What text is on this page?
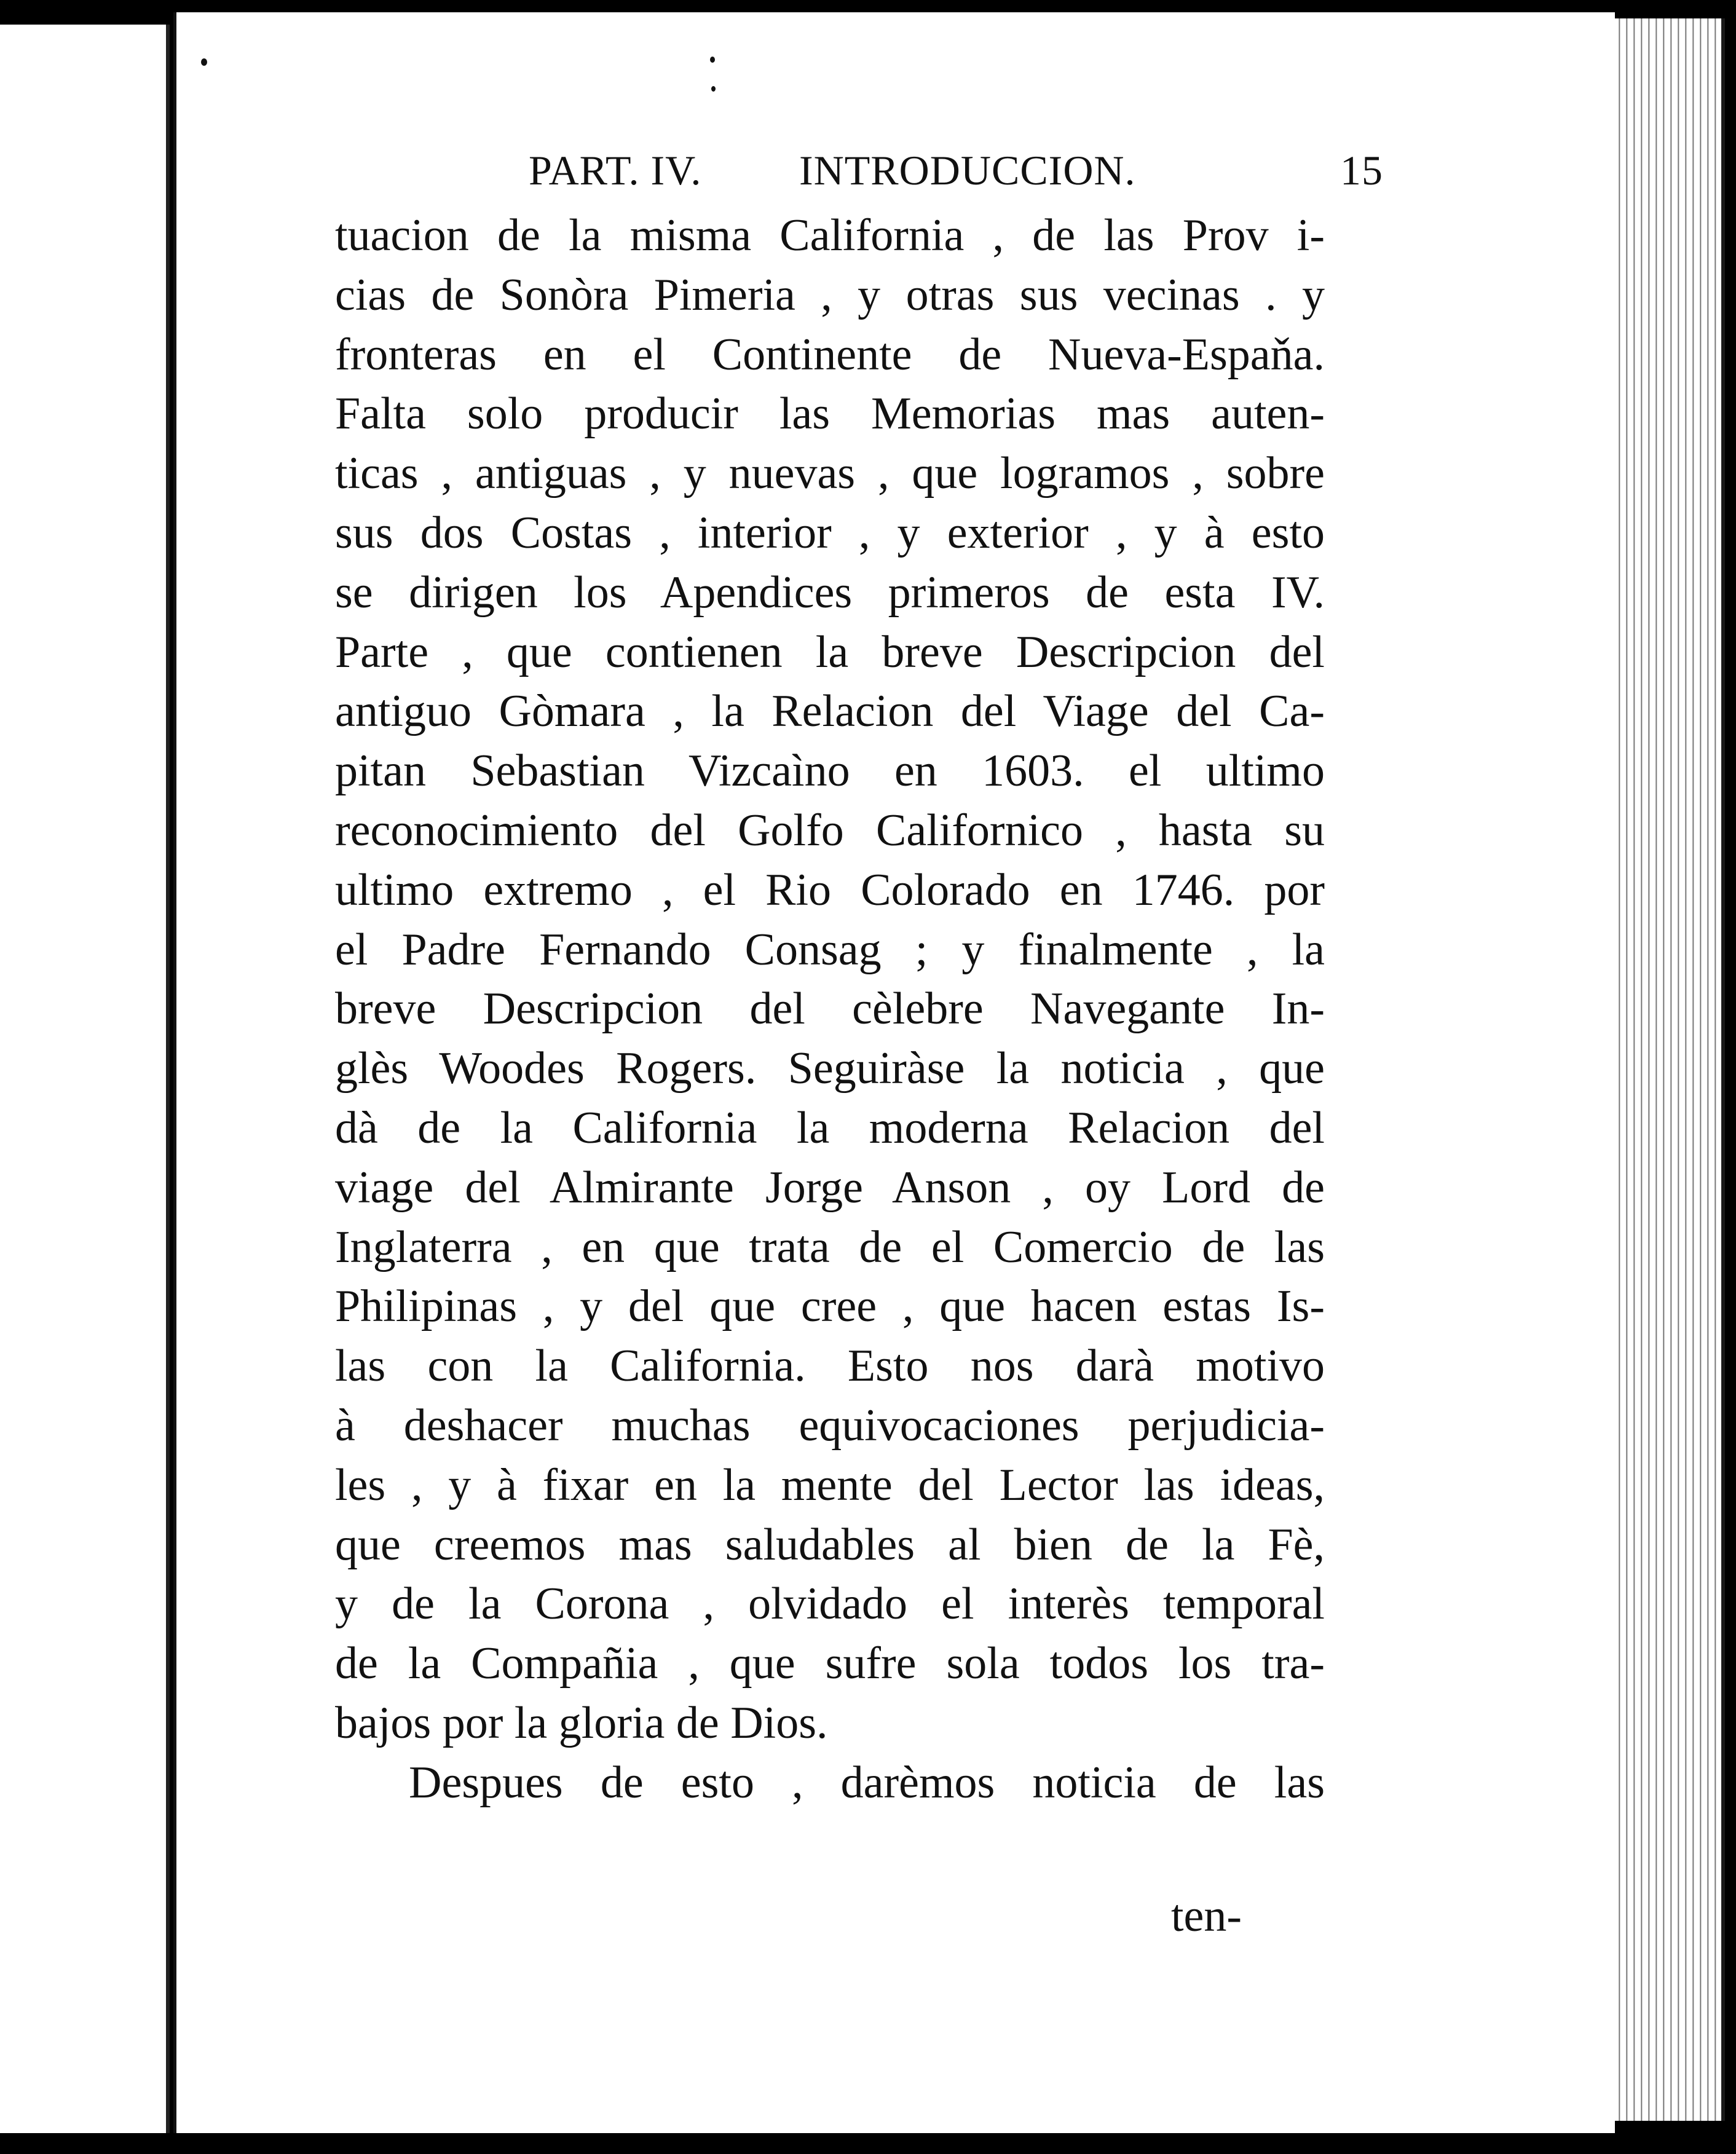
PART. IV. INTRODUCCION.	15
tuacion de la misma California , de las Prov i-
cias de Sonòra Pimeria , y otras sus vecinas . y
fronteras en el Continente de Nueva-Espaňa.
Falta solo producir las Memorias mas auten-
ticas , antiguas , y nuevas , que logramos , sobre
sus dos Costas , interior , y exterior , y à esto
se dirigen los Apendices primeros de esta IV.
Parte , que contienen la breve Descripcion del
antiguo Gòmara , la Relacion del Viage del Ca-
pitan Sebastian Vizcaìno en 1603. el ultimo
reconocimiento del Golfo Californico , hasta su
ultimo extremo , el Rio Colorado en 1746. por
el Padre Fernando Consag ; y finalmente , la
breve Descripcion del cèlebre Navegante In-
glès Woodes Rogers. Seguiràse la noticia , que
dà de la California la moderna Relacion del
viage del Almirante Jorge Anson , oy Lord de
Inglaterra , en que trata de el Comercio de las
Philipinas , y del que cree , que hacen estas Is-
las con la California. Esto nos darà motivo
à deshacer muchas equivocaciones perjudicia-
les , y à fixar en la mente del Lector las ideas,
que creemos mas saludables al bien de la Fè,
y de la Corona , olvidado el interès temporal
de la Compañia , que sufre sola todos los tra-
bajos por la gloria de Dios.
Despues de esto , darèmos noticia de las
ten-
